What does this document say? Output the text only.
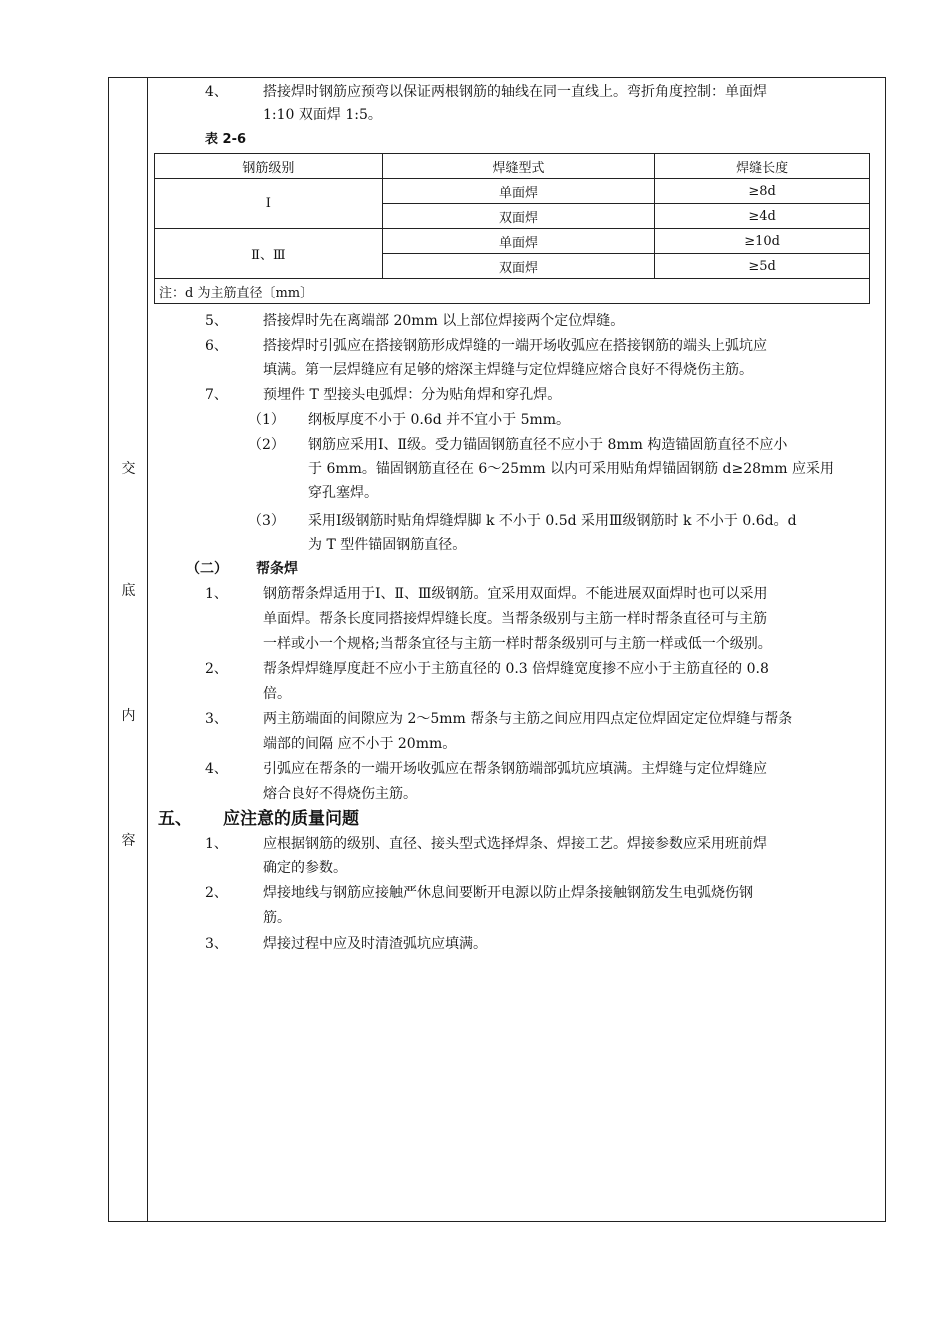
交
底
内
容
4、	搭接焊时钢筋应预弯以保证两根钢筋的轴线在同一直线上。弯折角度控制：单面焊
1:10 双面焊 1:5。
表 2-6
钢筋级别	焊缝型式	焊缝长度
Ⅰ	单面焊	≥8d
	双面焊	≥4d
Ⅱ、Ⅲ	单面焊	≥10d
	双面焊	≥5d
注：d 为主筋直径〔mm〕		
5、	搭接焊时先在离端部 20mm 以上部位焊接两个定位焊缝。
6、	搭接焊时引弧应在搭接钢筋形成焊缝的一端开场收弧应在搭接钢筋的端头上弧坑应
填满。第一层焊缝应有足够的熔深主焊缝与定位焊缝应熔合良好不得烧伤主筋。
7、	预埋件 T 型接头电弧焊：分为贴角焊和穿孔焊。
（1） 纲板厚度不小于 0.6d 并不宜小于 5mm。
（2） 钢筋应采用Ⅰ、Ⅱ级。受力锚固钢筋直径不应小于 8mm 构造锚固筋直径不应小
于 6mm。锚固钢筋直径在 6～25mm 以内可采用贴角焊锚固钢筋 d≥28mm 应采用
穿孔塞焊。
（3） 采用Ⅰ级钢筋时贴角焊缝焊脚 k 不小于 0.5d 采用Ⅲ级钢筋时 k 不小于 0.6d。d
为 T 型件锚固钢筋直径。
（二） 帮条焊
1、	钢筋帮条焊适用于Ⅰ、Ⅱ、Ⅲ级钢筋。宜采用双面焊。不能进展双面焊时也可以采用
单面焊。帮条长度同搭接焊焊缝长度。当帮条级别与主筋一样时帮条直径可与主筋
一样或小一个规格;当帮条宜径与主筋一样时帮条级别可与主筋一样或低一个级别。
2、	帮条焊焊缝厚度赶不应小于主筋直径的 0.3 倍焊缝宽度掺不应小于主筋直径的 0.8
倍。
3、	两主筋端面的间隙应为 2～5mm 帮条与主筋之间应用四点定位焊固定定位焊缝与帮条
端部的间隔 应不小于 20mm。
4、	引弧应在帮条的一端开场收弧应在帮条钢筋端部弧坑应填满。主焊缝与定位焊缝应
熔合良好不得烧伤主筋。
五、 应注意的质量问题
1、	应根据钢筋的级别、直径、接头型式选择焊条、焊接工艺。焊接参数应采用班前焊
确定的参数。
2、	焊接地线与钢筋应接触严休息间要断开电源以防止焊条接触钢筋发生电弧烧伤钢
筋。
3、	焊接过程中应及时清渣弧坑应填满。
